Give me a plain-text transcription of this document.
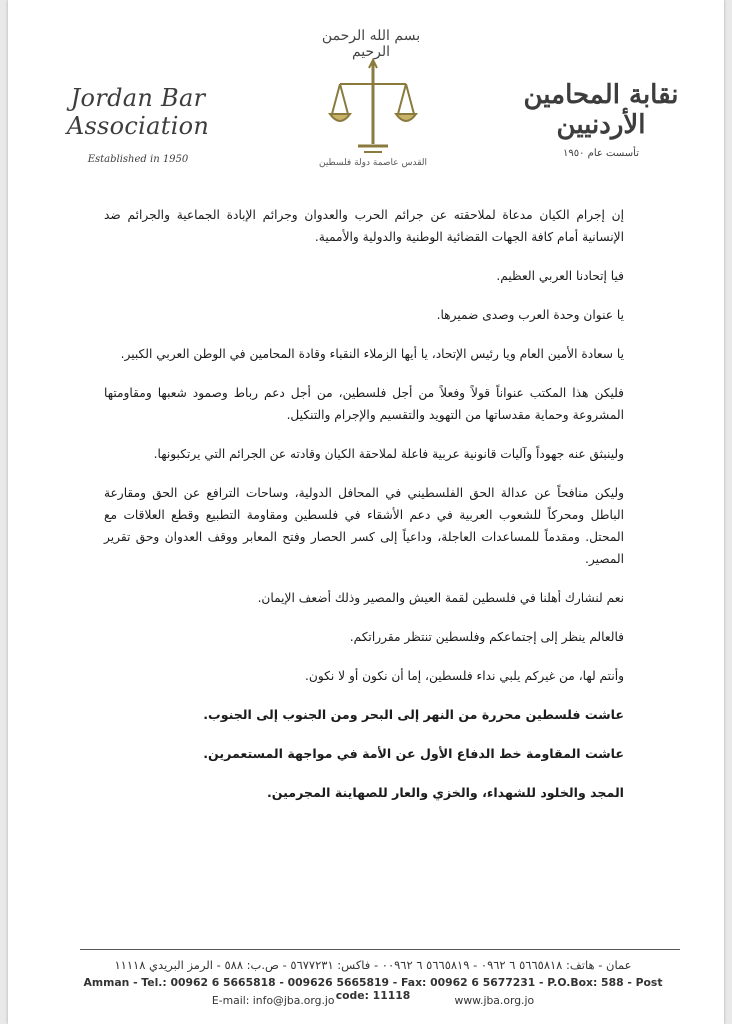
بسم الله الرحمن الرحيم
Jordan Bar Association
Established in 1950	القدس عاصمة دولة فلسطين
نقابة المحامين الأردنيين
تأسست عام ١٩٥٠

إن إجرام الكيان مدعاة لملاحقته عن جرائم الحرب والعدوان وجرائم الإبادة الجماعية والجرائم ضد الإنسانية أمام كافة الجهات القضائية الوطنية والدولية والأممية.

فيا إتحادنا العربي العظيم.

يا عنوان وحدة العرب وصدى ضميرها.

يا سعادة الأمين العام ويا رئيس الإتحاد، يا أيها الزملاء النقباء وقادة المحامين في الوطن العربي الكبير.

فليكن هذا المكتب عنواناً قولاً وفعلاً من أجل فلسطين، من أجل دعم رباط وصمود شعبها ومقاومتها المشروعة وحماية مقدساتها من التهويد والتقسيم والإجرام والتنكيل.

ولينبثق عنه جهوداً وآليات قانونية عربية فاعلة لملاحقة الكيان وقادته عن الجرائم التي يرتكبونها.

وليكن منافحاً عن عدالة الحق الفلسطيني في المحافل الدولية، وساحات الترافع عن الحق ومقارعة الباطل ومحركاً للشعوب العربية في دعم الأشقاء في فلسطين ومقاومة التطبيع وقطع العلاقات مع المحتل. ومقدماً للمساعدات العاجلة، وداعياً إلى كسر الحصار وفتح المعابر ووقف العدوان وحق تقرير المصير.

نعم لنشارك أهلنا في فلسطين لقمة العيش والمصير وذلك أضعف الإيمان.

فالعالم ينظر إلى إجتماعكم وفلسطين تنتظر مقرراتكم.

وأنتم لها، من غيركم يلبي نداء فلسطين، إما أن نكون أو لا نكون.

عاشت فلسطين محررة من النهر إلى البحر ومن الجنوب إلى الجنوب.

عاشت المقاومة خط الدفاع الأول عن الأمة في مواجهة المستعمرين.

المجد والخلود للشهداء، والخزي والعار للصهاينة المجرمين.

عمان - هاتف: ٥٦٦٥٨١٨ ٦ ٠٩٦٢ - ٥٦٦٥٨١٩ ٦ ٠٠٩٦٢ - فاكس: ٥٦٧٧٢٣١ - ص.ب: ٥٨٨ - الرمز البريدي ١١١١٨
Amman - Tel.: 00962 6 5665818 - 009626 5665819 - Fax: 00962 6 5677231 - P.O.Box: 588 - Post code: 11118
E-mail: info@jba.org.jo	www.jba.org.jo
